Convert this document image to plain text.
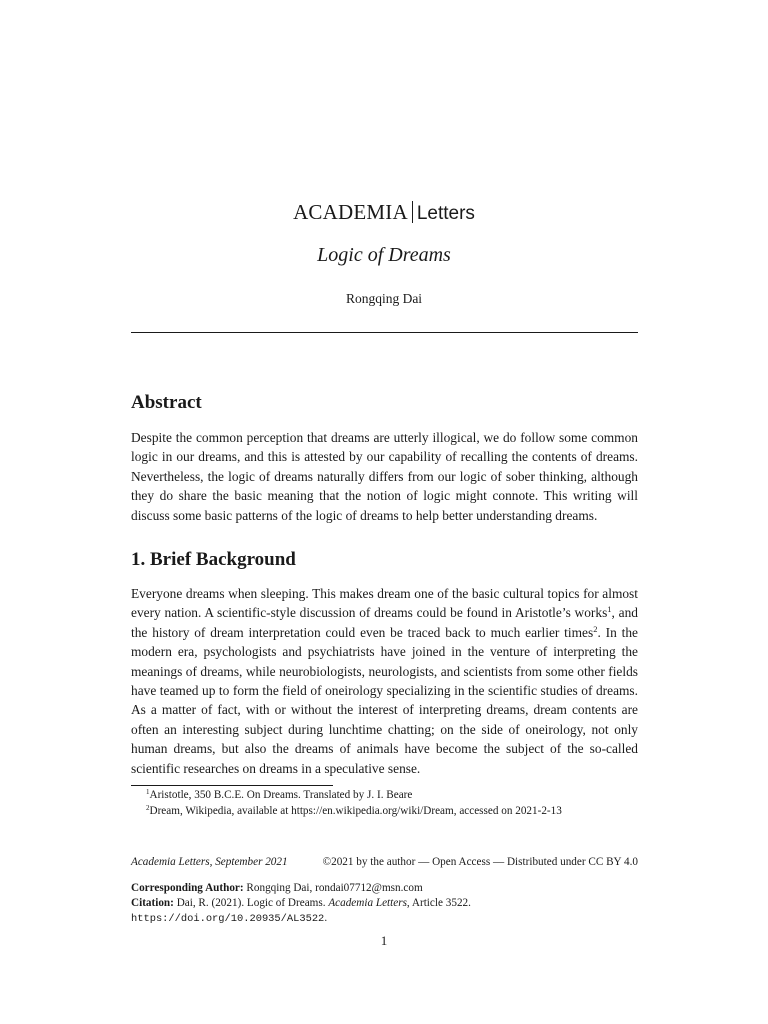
ACADEMIA Letters
Logic of Dreams
Rongqing Dai
Abstract
Despite the common perception that dreams are utterly illogical, we do follow some common logic in our dreams, and this is attested by our capability of recalling the contents of dreams. Nevertheless, the logic of dreams naturally differs from our logic of sober thinking, although they do share the basic meaning that the notion of logic might connote. This writing will discuss some basic patterns of the logic of dreams to help better understanding dreams.
1. Brief Background
Everyone dreams when sleeping. This makes dream one of the basic cultural topics for almost every nation. A scientific-style discussion of dreams could be found in Aristotle’s works$^1$, and the history of dream interpretation could even be traced back to much earlier times$^2$. In the modern era, psychologists and psychiatrists have joined in the venture of interpreting the meanings of dreams, while neurobiologists, neurologists, and scientists from some other fields have teamed up to form the field of oneirology specializing in the scientific studies of dreams. As a matter of fact, with or without the interest of interpreting dreams, dream contents are often an interesting subject during lunchtime chatting; on the side of oneirology, not only human dreams, but also the dreams of animals have become the subject of the so-called scientific researches on dreams in a speculative sense.
$^1$Aristotle, 350 B.C.E. On Dreams. Translated by J. I. Beare
$^2$Dream, Wikipedia, available at https://en.wikipedia.org/wiki/Dream, accessed on 2021-2-13
Academia Letters, September 2021	©2021 by the author — Open Access — Distributed under CC BY 4.0
Corresponding Author: Rongqing Dai, rondai07712@msn.com
Citation: Dai, R. (2021). Logic of Dreams. Academia Letters, Article 3522.
https://doi.org/10.20935/AL3522.
1
